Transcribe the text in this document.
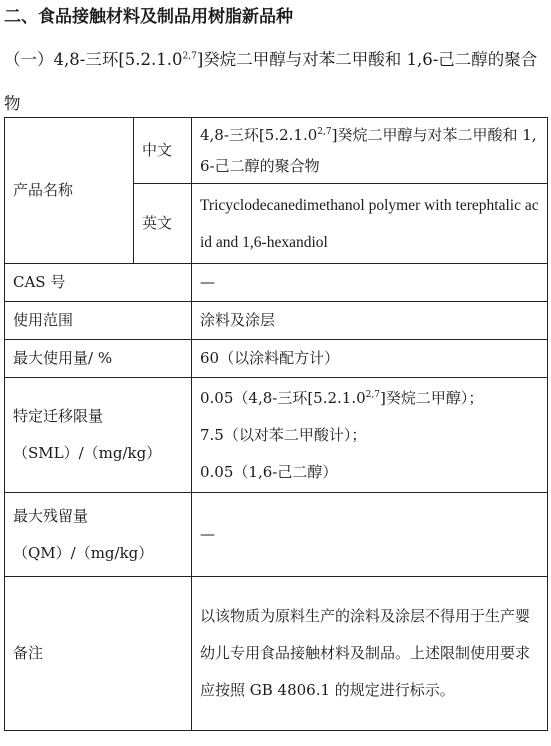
二、食品接触材料及制品用树脂新品种

（一）4,8-三环[5.2.1.0$^{2,7}$]癸烷二甲醇与对苯二甲酸和 1,6-己二醇的聚合物

产品名称	中文	4,8-三环[5.2.1.0$^{2,7}$]癸烷二甲醇与对苯二甲酸和 1,6-己二醇的聚合物
	英文	Tricyclodecanedimethanol polymer with terephtalic acid and 1,6-hexandiol
CAS 号		—
使用范围		涂料及涂层
最大使用量/ %		60（以涂料配方计）

特定迁移限量
（SML）/（mg/kg）		0.05（4,8-三环[5.2.1.0$^{2,7}$]癸烷二甲醇）；
7.5（以对苯二甲酸计）；
0.05（1,6-己二醇）

最大残留量
（QM）/（mg/kg）		—
备注		以该物质为原料生产的涂料及涂层不得用于生产婴幼儿专用食品接触材料及制品。上述限制使用要求应按照 GB 4806.1 的规定进行标示。
